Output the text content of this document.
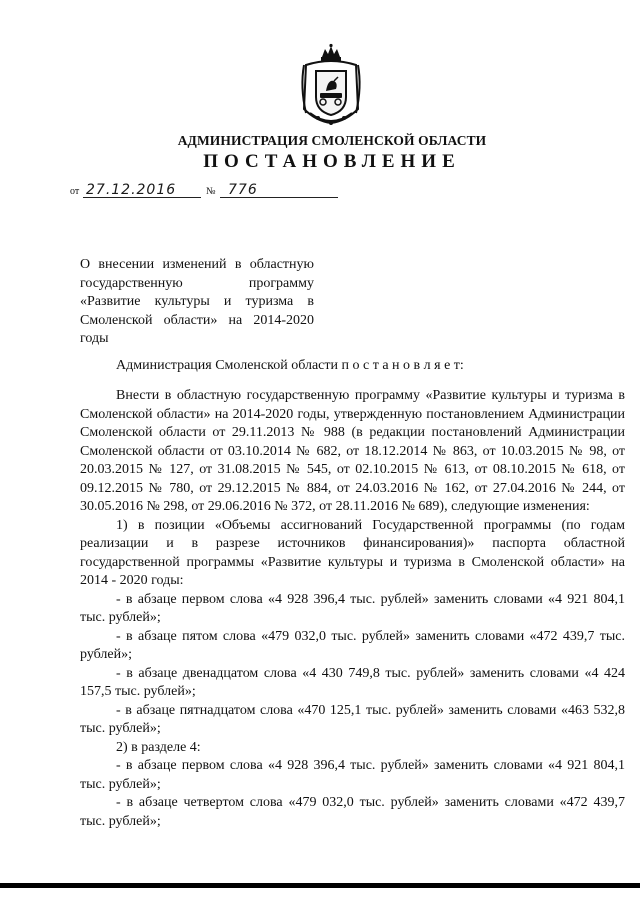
АДМИНИСТРАЦИЯ СМОЛЕНСКОЙ ОБЛАСТИ
ПОСТАНОВЛЕНИЕ
от 27.12.2016	№ 776
О внесении изменений в областную государственную программу «Развитие культуры и туризма в Смоленской области» на 2014-2020 годы

Администрация Смоленской области п о с т а н о в л я е т:

Внести в областную государственную программу «Развитие культуры и туризма в Смоленской области» на 2014-2020 годы, утвержденную постановлением Администрации Смоленской области от 29.11.2013 № 988 (в редакции постановлений Администрации Смоленской области от 03.10.2014 № 682, от 18.12.2014 № 863, от 10.03.2015 № 98, от 20.03.2015 № 127, от 31.08.2015 № 545, от 02.10.2015 № 613, от 08.10.2015 № 618, от 09.12.2015 № 780, от 29.12.2015 № 884, от 24.03.2016 № 162, от 27.04.2016 № 244, от 30.05.2016 № 298, от 29.06.2016 № 372, от 28.11.2016 № 689), следующие изменения:

1) в позиции «Объемы ассигнований Государственной программы (по годам реализации и в разрезе источников финансирования)» паспорта областной государственной программы «Развитие культуры и туризма в Смоленской области» на 2014 - 2020 годы:

- в абзаце первом слова «4 928 396,4 тыс. рублей» заменить словами «4 921 804,1 тыс. рублей»;

- в абзаце пятом слова «479 032,0 тыс. рублей» заменить словами «472 439,7 тыс. рублей»;

- в абзаце двенадцатом слова «4 430 749,8 тыс. рублей» заменить словами «4 424 157,5 тыс. рублей»;

- в абзаце пятнадцатом слова «470 125,1 тыс. рублей» заменить словами «463 532,8 тыс. рублей»;

2) в разделе 4:

- в абзаце первом слова «4 928 396,4 тыс. рублей» заменить словами «4 921 804,1 тыс. рублей»;

- в абзаце четвертом слова «479 032,0 тыс. рублей» заменить словами «472 439,7 тыс. рублей»;
